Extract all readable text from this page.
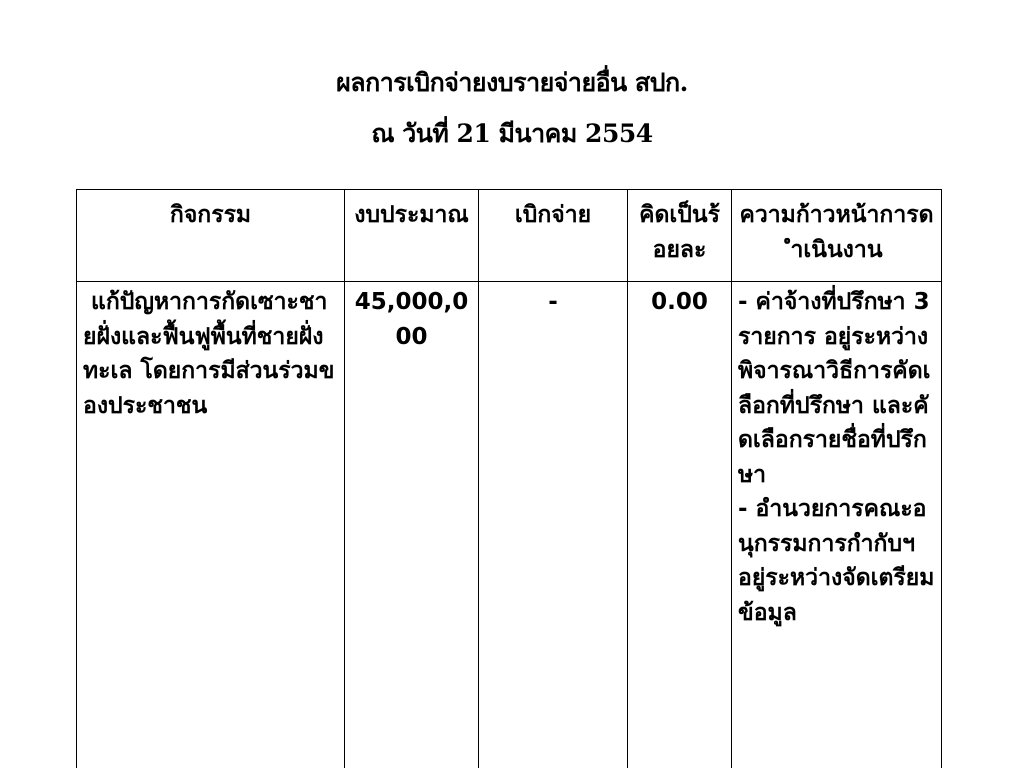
ผลการเบิกจ่ายงบรายจ่ายอื่น สปก.
ณ วันที่ 21 มีนาคม 2554
กิจกรรม	งบประมาณ	เบิกจ่าย	คิดเป็นร้อยละ	ความก้าวหน้าการดำเนินงาน
แก้ปัญหาการกัดเซาะชายฝั่งและฟื้นฟูพื้นที่ชายฝั่งทะเล โดยการมีส่วนร่วมของประชาชน	45,000,000	-	0.00	- ค่าจ้างที่ปรึกษา 3 รายการ อยู่ระหว่างพิจารณาวิธีการคัดเลือกที่ปรึกษา และคัดเลือกรายชื่อที่ปรึกษา
- อำนวยการคณะอนุกรรมการกำกับฯ อยู่ระหว่างจัดเตรียมข้อมูล
